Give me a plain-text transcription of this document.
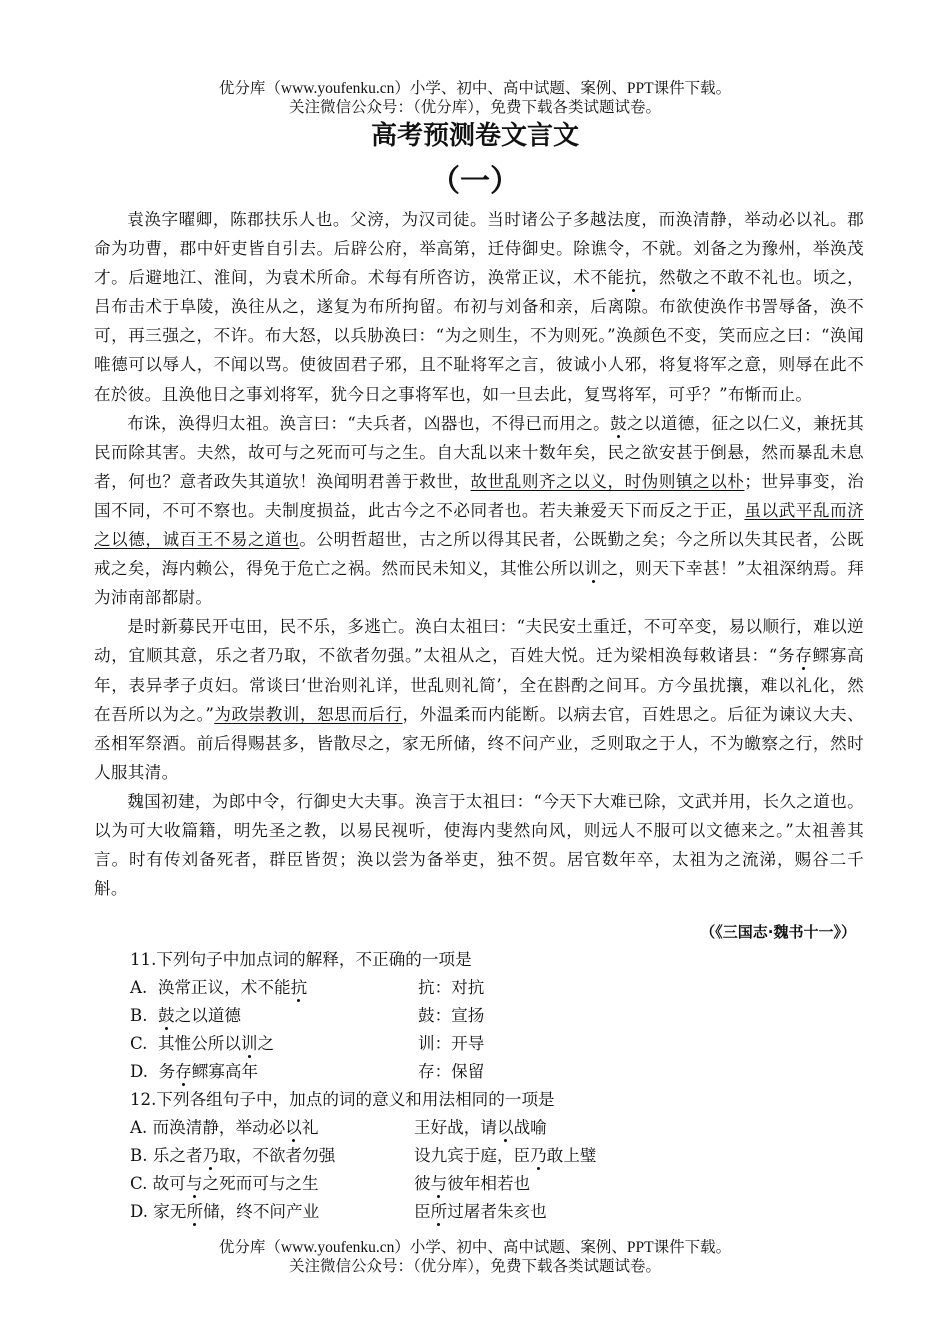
优分库（www.youfenku.cn）小学、初中、高中试题、案例、PPT课件下载。
关注微信公众号：（优分库），免费下载各类试题试卷。
高考预测卷文言文
（一）

袁涣字曜卿，陈郡扶乐人也。父滂，为汉司徒。当时诸公子多越法度，而涣清静，举动必以礼。郡命为功曹，郡中奸吏皆自引去。后辟公府，举高第，迁侍御史。除谯令，不就。刘备之为豫州，举涣茂才。后避地江、淮间，为袁术所命。术每有所咨访，涣常正议，术不能抗，然敬之不敢不礼也。顷之，吕布击术于阜陵，涣往从之，遂复为布所拘留。布初与刘备和亲，后离隙。布欲使涣作书詈辱备，涣不可，再三强之，不许。布大怒，以兵胁涣曰：“为之则生，不为则死。”涣颜色不变，笑而应之曰：“涣闻唯德可以辱人，不闻以骂。使彼固君子邪，且不耻将军之言，彼诚小人邪，将复将军之意，则辱在此不在於彼。且涣他日之事刘将军，犹今日之事将军也，如一旦去此，复骂将军，可乎？”布惭而止。

布诛，涣得归太祖。涣言曰：“夫兵者，凶器也，不得已而用之。鼓之以道德，征之以仁义，兼抚其民而除其害。夫然，故可与之死而可与之生。自大乱以来十数年矣，民之欲安甚于倒悬，然而暴乱未息者，何也？意者政失其道欤！涣闻明君善于救世，故世乱则齐之以义，时伪则镇之以朴；世异事变，治国不同，不可不察也。夫制度损益，此古今之不必同者也。若夫兼爱天下而反之于正，虽以武平乱而济之以德，诚百王不易之道也。公明哲超世，古之所以得其民者，公既勤之矣；今之所以失其民者，公既戒之矣，海内赖公，得免于危亡之祸。然而民未知义，其惟公所以训之，则天下幸甚！”太祖深纳焉。拜为沛南部都尉。

是时新募民开屯田，民不乐，多逃亡。涣白太祖曰：“夫民安土重迁，不可卒变，易以顺行，难以逆动，宜顺其意，乐之者乃取，不欲者勿强。”太祖从之，百姓大悦。迁为梁相涣每敕诸县：“务存鳏寡高年，表异孝子贞妇。常谈曰‘世治则礼详，世乱则礼简’，全在斟酌之间耳。方今虽扰攘，难以礼化，然在吾所以为之。”为政崇教训，恕思而后行，外温柔而内能断。以病去官，百姓思之。后征为谏议大夫、丞相军祭酒。前后得赐甚多，皆散尽之，家无所储，终不问产业，乏则取之于人，不为皦察之行，然时人服其清。

魏国初建，为郎中令，行御史大夫事。涣言于太祖曰：“今天下大难已除，文武并用，长久之道也。以为可大收篇籍，明先圣之教，以易民视听，使海内斐然向风，则远人不服可以文德来之。”太祖善其言。时有传刘备死者，群臣皆贺；涣以尝为备举吏，独不贺。居官数年卒，太祖为之流涕，赐谷二千斛。

（《三国志·魏书十一》）

11.下列句子中加点词的解释，不正确的一项是

A. 涣常正议，术不能抗	抗：对抗
B. 鼓之以道德	鼓：宣扬
C. 其惟公所以训之	训：开导
D. 务存鳏寡高年	存：保留

12.下列各组句子中，加点的词的意义和用法相同的一项是

A. 而涣清静，举动必以礼	王好战，请以战喻
B. 乐之者乃取，不欲者勿强	设九宾于庭，臣乃敢上璧
C. 故可与之死而可与之生	彼与彼年相若也
D. 家无所储，终不问产业	臣所过屠者朱亥也
优分库（www.youfenku.cn）小学、初中、高中试题、案例、PPT课件下载。
关注微信公众号：（优分库），免费下载各类试题试卷。
